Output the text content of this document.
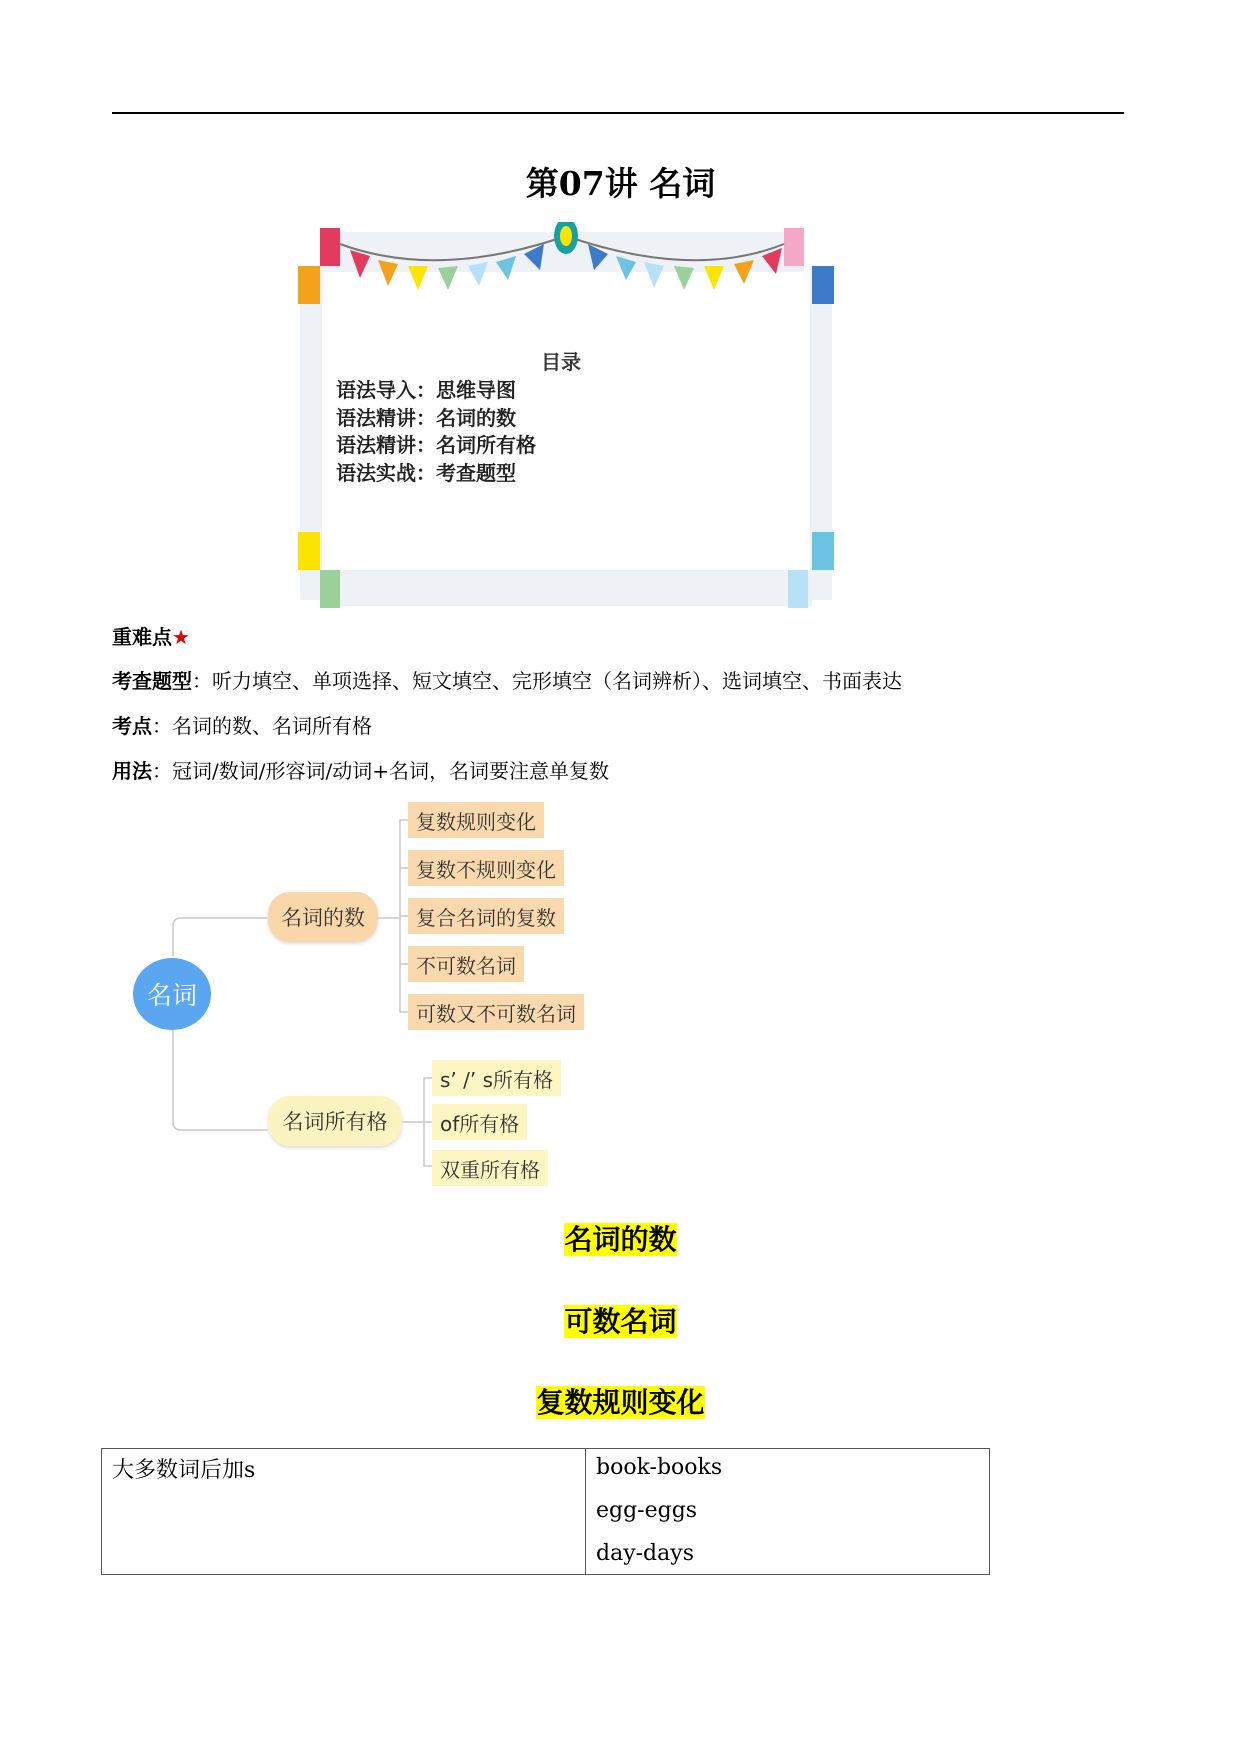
第07讲 名词
目录
语法导入：思维导图
语法精讲：名词的数
语法精讲：名词所有格
语法实战：考查题型
重难点★
考查题型：听力填空、单项选择、短文填空、完形填空（名词辨析）、选词填空、书面表达
考点：名词的数、名词所有格
用法：冠词/数词/形容词/动词+名词，名词要注意单复数
名词
名词的数
名词所有格
复数规则变化
复数不规则变化
复合名词的复数
不可数名词
可数又不可数名词
s’ /’ s所有格
of所有格
双重所有格
名词的数
可数名词
复数规则变化
大多数词后加s	book-books
egg-eggs
day-days
